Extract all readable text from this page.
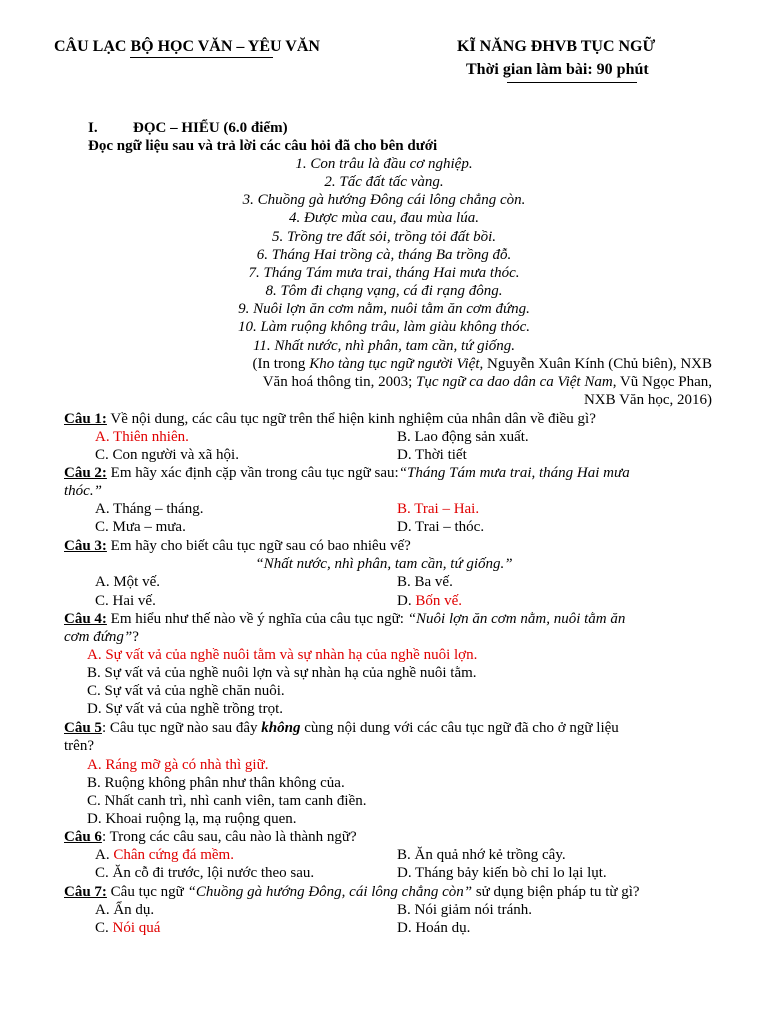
CÂU LẠC BỘ HỌC VĂN – YÊU VĂN	KĨ NĂNG ĐHVB TỤC NGỮ
Thời gian làm bài: 90 phút
I. ĐỌC – HIỂU (6.0 điểm)
Đọc ngữ liệu sau và trả lời các câu hỏi đã cho bên dưới
1. Con trâu là đầu cơ nghiệp.
2. Tấc đất tấc vàng.
3. Chuồng gà hướng Đông cái lông chẳng còn.
4. Được mùa cau, đau mùa lúa.
5. Trồng tre đất sỏi, trồng tỏi đất bồi.
6. Tháng Hai trồng cà, tháng Ba trồng đỗ.
7. Tháng Tám mưa trai, tháng Hai mưa thóc.
8. Tôm đi chạng vạng, cá đi rạng đông.
9. Nuôi lợn ăn cơm nằm, nuôi tằm ăn cơm đứng.
10. Làm ruộng không trâu, làm giàu không thóc.
11. Nhất nước, nhì phân, tam cần, tứ giống.
(In trong Kho tàng tục ngữ người Việt, Nguyễn Xuân Kính (Chủ biên), NXB
Văn hoá thông tin, 2003; Tục ngữ ca dao dân ca Việt Nam, Vũ Ngọc Phan,
NXB Văn học, 2016)
Câu 1: Về nội dung, các câu tục ngữ trên thể hiện kinh nghiệm của nhân dân về điều gì?
A. Thiên nhiên.	B. Lao động sản xuất.
C. Con người và xã hội.	D. Thời tiết
Câu 2: Em hãy xác định cặp vần trong câu tục ngữ sau:“Tháng Tám mưa trai, tháng Hai mưa
thóc.”
A. Tháng – tháng.	B. Trai – Hai.
C. Mưa – mưa.	D. Trai – thóc.
Câu 3: Em hãy cho biết câu tục ngữ sau có bao nhiêu vế?
“Nhất nước, nhì phân, tam cần, tứ giống.”
A. Một vế.	B. Ba vế.
C. Hai vế.	D. Bốn vế.
Câu 4: Em hiểu như thế nào về ý nghĩa của câu tục ngữ: “Nuôi lợn ăn cơm nằm, nuôi tằm ăn
cơm đứng”?
A. Sự vất vả của nghề nuôi tằm và sự nhàn hạ của nghề nuôi lợn.
B. Sự vất vả của nghề nuôi lợn và sự nhàn hạ của nghề nuôi tằm.
C. Sự vất vả của nghề chăn nuôi.
D. Sự vất vả của nghề trồng trọt.
Câu 5: Câu tục ngữ nào sau đây không cùng nội dung với các câu tục ngữ đã cho ở ngữ liệu
trên?
A. Ráng mỡ gà có nhà thì giữ.
B. Ruộng không phân như thân không của.
C. Nhất canh trì, nhì canh viên, tam canh điền.
D. Khoai ruộng lạ, mạ ruộng quen.
Câu 6: Trong các câu sau, câu nào là thành ngữ?
A. Chân cứng đá mềm.	B. Ăn quả nhớ kẻ trồng cây.
C. Ăn cỗ đi trước, lội nước theo sau.	D. Tháng bảy kiến bò chỉ lo lại lụt.
Câu 7: Câu tục ngữ “Chuồng gà hướng Đông, cái lông chẳng còn” sử dụng biện pháp tu từ gì?
A. Ẩn dụ.	B. Nói giảm nói tránh.
C. Nói quá	D. Hoán dụ.
